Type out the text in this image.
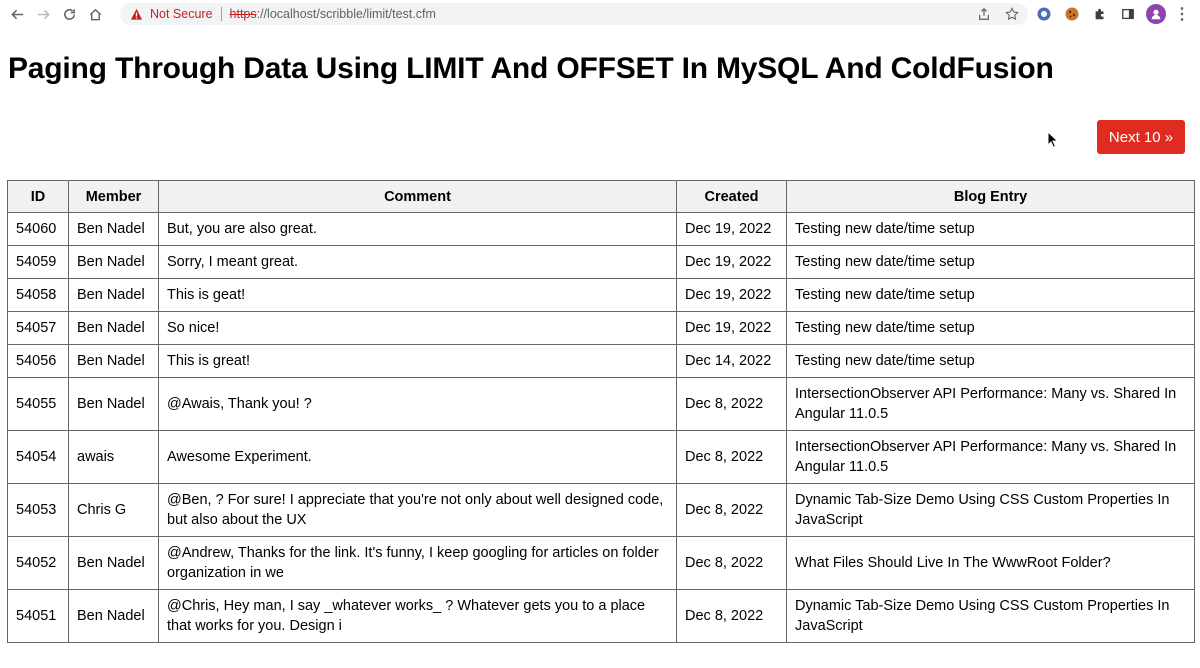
Not Secure https ://localhost/scribble/limit/test.cfm	⋮
Paging Through Data Using LIMIT And OFFSET In MySQL And ColdFusion
Next 10 »
ID	Member	Comment	Created	Blog Entry
54060	Ben Nadel	But, you are also great.	Dec 19, 2022	Testing new date/time setup
54059	Ben Nadel	Sorry, I meant great.	Dec 19, 2022	Testing new date/time setup
54058	Ben Nadel	This is geat!	Dec 19, 2022	Testing new date/time setup
54057	Ben Nadel	So nice!	Dec 19, 2022	Testing new date/time setup
54056	Ben Nadel	This is great!	Dec 14, 2022	Testing new date/time setup
54055	Ben Nadel	@Awais, Thank you! ?	Dec 8, 2022	IntersectionObserver API Performance: Many vs. Shared In Angular 11.0.5
54054	awais	Awesome Experiment.	Dec 8, 2022	IntersectionObserver API Performance: Many vs. Shared In Angular 11.0.5
54053	Chris G	@Ben, ? For sure! I appreciate that you're not only about well designed code, but also about the UX	Dec 8, 2022	Dynamic Tab-Size Demo Using CSS Custom Properties In JavaScript
54052	Ben Nadel	@Andrew, Thanks for the link. It's funny, I keep googling for articles on folder organization in we	Dec 8, 2022	What Files Should Live In The WwwRoot Folder?
54051	Ben Nadel	@Chris, Hey man, I say _whatever works_ ? Whatever gets you to a place that works for you. Design i	Dec 8, 2022	Dynamic Tab-Size Demo Using CSS Custom Properties In JavaScript
